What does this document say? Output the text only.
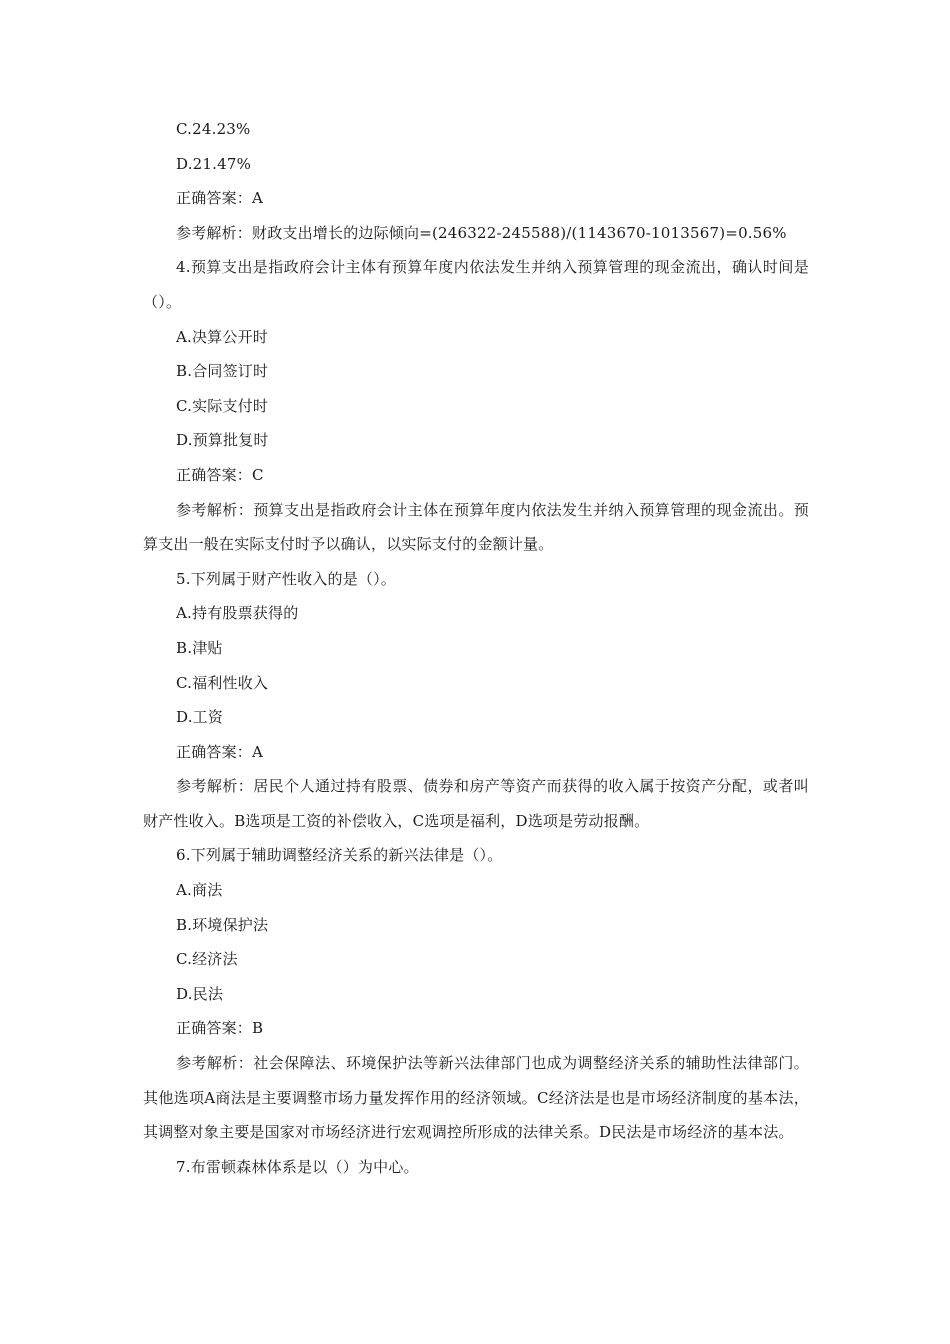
C.24.23%
D.21.47%
正确答案：A
参考解析：财政支出增长的边际倾向=(246322-245588)/(1143670-1013567)=0.56%
4.预算支出是指政府会计主体有预算年度内依法发生并纳入预算管理的现金流出，确认时间是（）。
A.决算公开时
B.合同签订时
C.实际支付时
D.预算批复时
正确答案：C
参考解析：预算支出是指政府会计主体在预算年度内依法发生并纳入预算管理的现金流出。预算支出一般在实际支付时予以确认，以实际支付的金额计量。
5.下列属于财产性收入的是（）。
A.持有股票获得的
B.津贴
C.福利性收入
D.工资
正确答案：A
参考解析：居民个人通过持有股票、债券和房产等资产而获得的收入属于按资产分配，或者叫财产性收入。B选项是工资的补偿收入，C选项是福利，D选项是劳动报酬。
6.下列属于辅助调整经济关系的新兴法律是（）。
A.商法
B.环境保护法
C.经济法
D.民法
正确答案：B
参考解析：社会保障法、环境保护法等新兴法律部门也成为调整经济关系的辅助性法律部门。其他选项A商法是主要调整市场力量发挥作用的经济领域。C经济法是也是市场经济制度的基本法，其调整对象主要是国家对市场经济进行宏观调控所形成的法律关系。D民法是市场经济的基本法。
7.布雷顿森林体系是以（）为中心。
